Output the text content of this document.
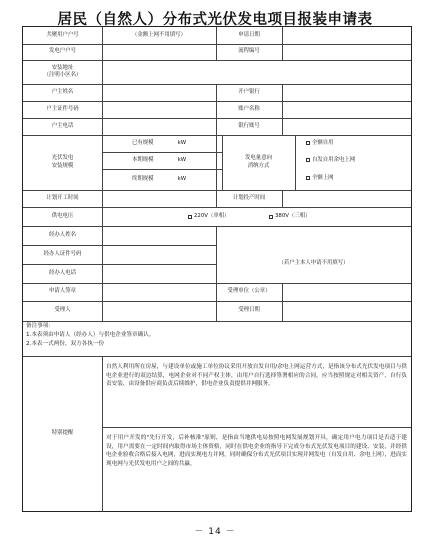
居民（自然人）分布式光伏发电项目报装申请表
共聚用户户号	（金额上网不用填写）	申请日期
发电户户号	流程编号
安装地址
（注明小区名）
户主姓名	开户银行
户主证件号码	账户名称
户主电话	银行账号
光伏发电
安装规模
已有规模	kW
本期规模	kW
终期规模	kW
发电量意向
消纳方式
全额自用
自发自用余电上网
全额上网
计划开工时间	计划投产时间
供电电压	220V（单相）	380V（三相）
经办人姓名
经办人证件号码
经办人电话
（若户主本人申请不用填写）
申请人签章	受理单位（公章）
受理人	受理日期
备注事项：
1.本表须由申请人（经办人）与供电企业签章确认。
2.本表一式两份，双方各执一份
特别提醒
自然人利用所在房屋，与建设单位或施工单位协议采用开放自发自用/余电上网运营方式，是指该分布式光伏发电项目与供电企业进行的双边结算，电网企业对不同产权主体，由用户自行选择签署相应的合同，应当按照规定对相关资产，自行负责安装、由设备供应商负责后续维护，供电企业负责提供并网服务。
对于用户开发的"先行开发，后补核准"原则，是指由当地供电局按照电网发展规划开具，确定用户电力项目是否适于建设，用户需要在一定时间内取得市场主体资格，同时在供电企业的指导下完成分布式光伏发电项目的建设、安装，并经供电企业验收合格后接入电网，进而实现电力并网，同时确保分布式光伏项目实现并网发电（自发自用、余电上网），进而实现电网与光伏发电用户之间的共赢。
－ 14 －
